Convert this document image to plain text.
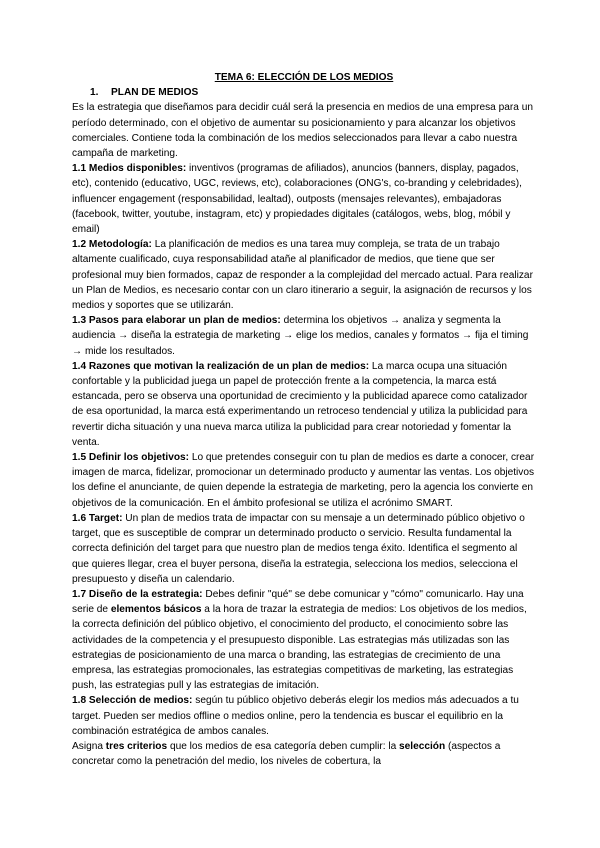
TEMA 6: ELECCIÓN DE LOS MEDIOS
1. PLAN DE MEDIOS

Es la estrategia que diseñamos para decidir cuál será la presencia en medios de una empresa para un período determinado, con el objetivo de aumentar su posicionamiento y para alcanzar los objetivos comerciales. Contiene toda la combinación de los medios seleccionados para llevar a cabo nuestra campaña de marketing.

1.1 Medios disponibles: inventivos (programas de afiliados), anuncios (banners, display, pagados, etc), contenido (educativo, UGC, reviews, etc), colaboraciones (ONG's, co-branding y celebridades), influencer engagement (responsabilidad, lealtad), outposts (mensajes relevantes), embajadoras (facebook, twitter, youtube, instagram, etc) y propiedades digitales (catálogos, webs, blog, móbil y email)

1.2 Metodología: La planificación de medios es una tarea muy compleja, se trata de un trabajo altamente cualificado, cuya responsabilidad atañe al planificador de medios, que tiene que ser profesional muy bien formados, capaz de responder a la complejidad del mercado actual. Para realizar un Plan de Medios, es necesario contar con un claro itinerario a seguir, la asignación de recursos y los medios y soportes que se utilizarán.

1.3 Pasos para elaborar un plan de medios: determina los objetivos → analiza y segmenta la audiencia → diseña la estrategia de marketing → elige los medios, canales y formatos → fija el timing → mide los resultados.

1.4 Razones que motivan la realización de un plan de medios: La marca ocupa una situación confortable y la publicidad juega un papel de protección frente a la competencia, la marca está estancada, pero se observa una oportunidad de crecimiento y la publicidad aparece como catalizador de esa oportunidad, la marca está experimentando un retroceso tendencial y utiliza la publicidad para revertir dicha situación y una nueva marca utiliza la publicidad para crear notoriedad y fomentar la venta.

1.5 Definir los objetivos: Lo que pretendes conseguir con tu plan de medios es darte a conocer, crear imagen de marca, fidelizar, promocionar un determinado producto y aumentar las ventas. Los objetivos los define el anunciante, de quien depende la estrategia de marketing, pero la agencia los convierte en objetivos de la comunicación. En el ámbito profesional se utiliza el acrónimo SMART.

1.6 Target: Un plan de medios trata de impactar con su mensaje a un determinado público objetivo o target, que es susceptible de comprar un determinado producto o servicio. Resulta fundamental la correcta definición del target para que nuestro plan de medios tenga éxito. Identifica el segmento al que quieres llegar, crea el buyer persona, diseña la estrategia, selecciona los medios, selecciona el presupuesto y diseña un calendario.

1.7 Diseño de la estrategia: Debes definir "qué" se debe comunicar y "cómo" comunicarlo. Hay una serie de elementos básicos a la hora de trazar la estrategia de medios: Los objetivos de los medios, la correcta definición del público objetivo, el conocimiento del producto, el conocimiento sobre las actividades de la competencia y el presupuesto disponible. Las estrategias más utilizadas son las estrategias de posicionamiento de una marca o branding, las estrategias de crecimiento de una empresa, las estrategias promocionales, las estrategias competitivas de marketing, las estrategias push, las estrategias pull y las estrategias de imitación.

1.8 Selección de medios: según tu público objetivo deberás elegir los medios más adecuados a tu target. Pueden ser medios offline o medios online, pero la tendencia es buscar el equilibrio en la combinación estratégica de ambos canales.

Asigna tres criterios que los medios de esa categoría deben cumplir: la selección (aspectos a concretar como la penetración del medio, los niveles de cobertura, la
